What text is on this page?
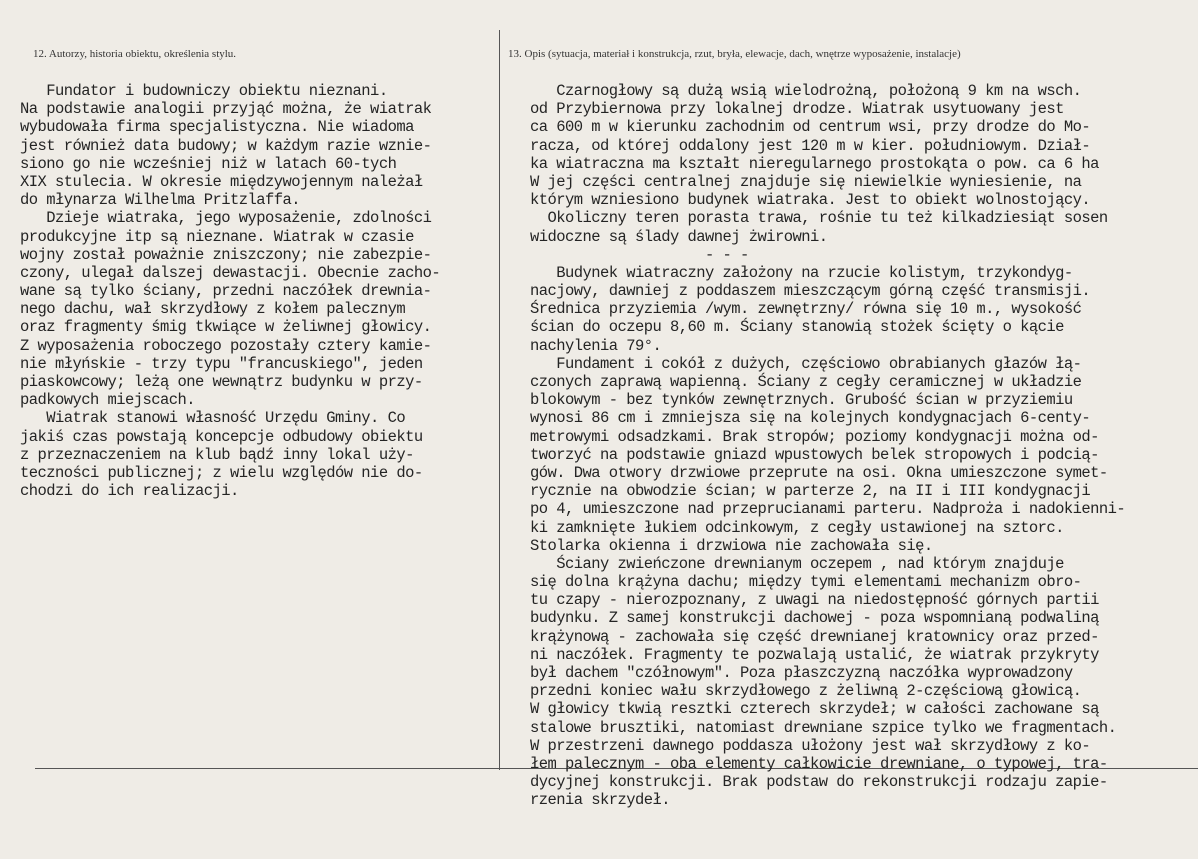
12. Autorzy, historia obiektu, określenia stylu.	13. Opis (sytuacja, materiał i konstrukcja, rzut, bryła, elewacje, dach, wnętrze wyposażenie, instalacje)
Fundator i budowniczy obiektu nieznani.
Na podstawie analogii przyjąć można, że wiatrak
wybudowała firma specjalistyczna. Nie wiadoma
jest również data budowy; w każdym razie wznie-
siono go nie wcześniej niż w latach 60-tych
XIX stulecia. W okresie międzywojennym należał
do młynarza Wilhelma Pritzlaffa.
Dzieje wiatraka, jego wyposażenie, zdolności
produkcyjne itp są nieznane. Wiatrak w czasie
wojny został poważnie zniszczony; nie zabezpie-
czony, ulegał dalszej dewastacji. Obecnie zacho-
wane są tylko ściany, przedni naczółek drewnia-
nego dachu, wał skrzydłowy z kołem palecznym
oraz fragmenty śmig tkwiące w żeliwnej głowicy.
Z wyposażenia roboczego pozostały cztery kamie-
nie młyńskie - trzy typu "francuskiego", jeden
piaskowcowy; leżą one wewnątrz budynku w przy-
padkowych miejscach.
Wiatrak stanowi własność Urzędu Gminy. Co
jakiś czas powstają koncepcje odbudowy obiektu
z przeznaczeniem na klub bądź inny lokal uży-
teczności publicznej; z wielu względów nie do-
chodzi do ich realizacji.
Czarnogłowy są dużą wsią wielodrożną, położoną 9 km na wsch.
od Przybiernowa przy lokalnej drodze. Wiatrak usytuowany jest
ca 600 m w kierunku zachodnim od centrum wsi, przy drodze do Mo-
racza, od której oddalony jest 120 m w kier. południowym. Dział-
ka wiatraczna ma kształt nieregularnego prostokąta o pow. ca 6 ha
W jej części centralnej znajduje się niewielkie wyniesienie, na
którym wzniesiono budynek wiatraka. Jest to obiekt wolnostojący.
Okoliczny teren porasta trawa, rośnie tu też kilkadziesiąt sosen
widoczne są ślady dawnej żwirowni.
- - -
Budynek wiatraczny założony na rzucie kolistym, trzykondyg-
nacjowy, dawniej z poddaszem mieszczącym górną część transmisji.
Średnica przyziemia /wym. zewnętrzny/ równa się 10 m., wysokość
ścian do oczepu 8,60 m. Ściany stanowią stożek ścięty o kącie
nachylenia 79°.
Fundament i cokół z dużych, częściowo obrabianych głazów łą-
czonych zaprawą wapienną. Ściany z cegły ceramicznej w układzie
blokowym - bez tynków zewnętrznych. Grubość ścian w przyziemiu
wynosi 86 cm i zmniejsza się na kolejnych kondygnacjach 6-centy-
metrowymi odsadzkami. Brak stropów; poziomy kondygnacji można od-
tworzyć na podstawie gniazd wpustowych belek stropowych i podcią-
gów. Dwa otwory drzwiowe przeprute na osi. Okna umieszczone symet-
rycznie na obwodzie ścian; w parterze 2, na II i III kondygnacji
po 4, umieszczone nad przeprucianami parteru. Nadproża i nadokienni-
ki zamknięte łukiem odcinkowym, z cegły ustawionej na sztorc.
Stolarka okienna i drzwiowa nie zachowała się.
Ściany zwieńczone drewnianym oczepem , nad którym znajduje
się dolna krążyna dachu; między tymi elementami mechanizm obro-
tu czapy - nierozpoznany, z uwagi na niedostępność górnych partii
budynku. Z samej konstrukcji dachowej - poza wspomnianą podwaliną
krążynową - zachowała się część drewnianej kratownicy oraz przed-
ni naczółek. Fragmenty te pozwalają ustalić, że wiatrak przykryty
był dachem "czółnowym". Poza płaszczyzną naczółka wyprowadzony
przedni koniec wału skrzydłowego z żeliwną 2-częściową głowicą.
W głowicy tkwią resztki czterech skrzydeł; w całości zachowane są
stalowe brusztiki, natomiast drewniane szpice tylko we fragmentach.
W przestrzeni dawnego poddasza ułożony jest wał skrzydłowy z ko-
łem palecznym - oba elementy całkowicie drewniane, o typowej, tra-
dycyjnej konstrukcji. Brak podstaw do rekonstrukcji rodzaju zapie-
rzenia skrzydeł.
